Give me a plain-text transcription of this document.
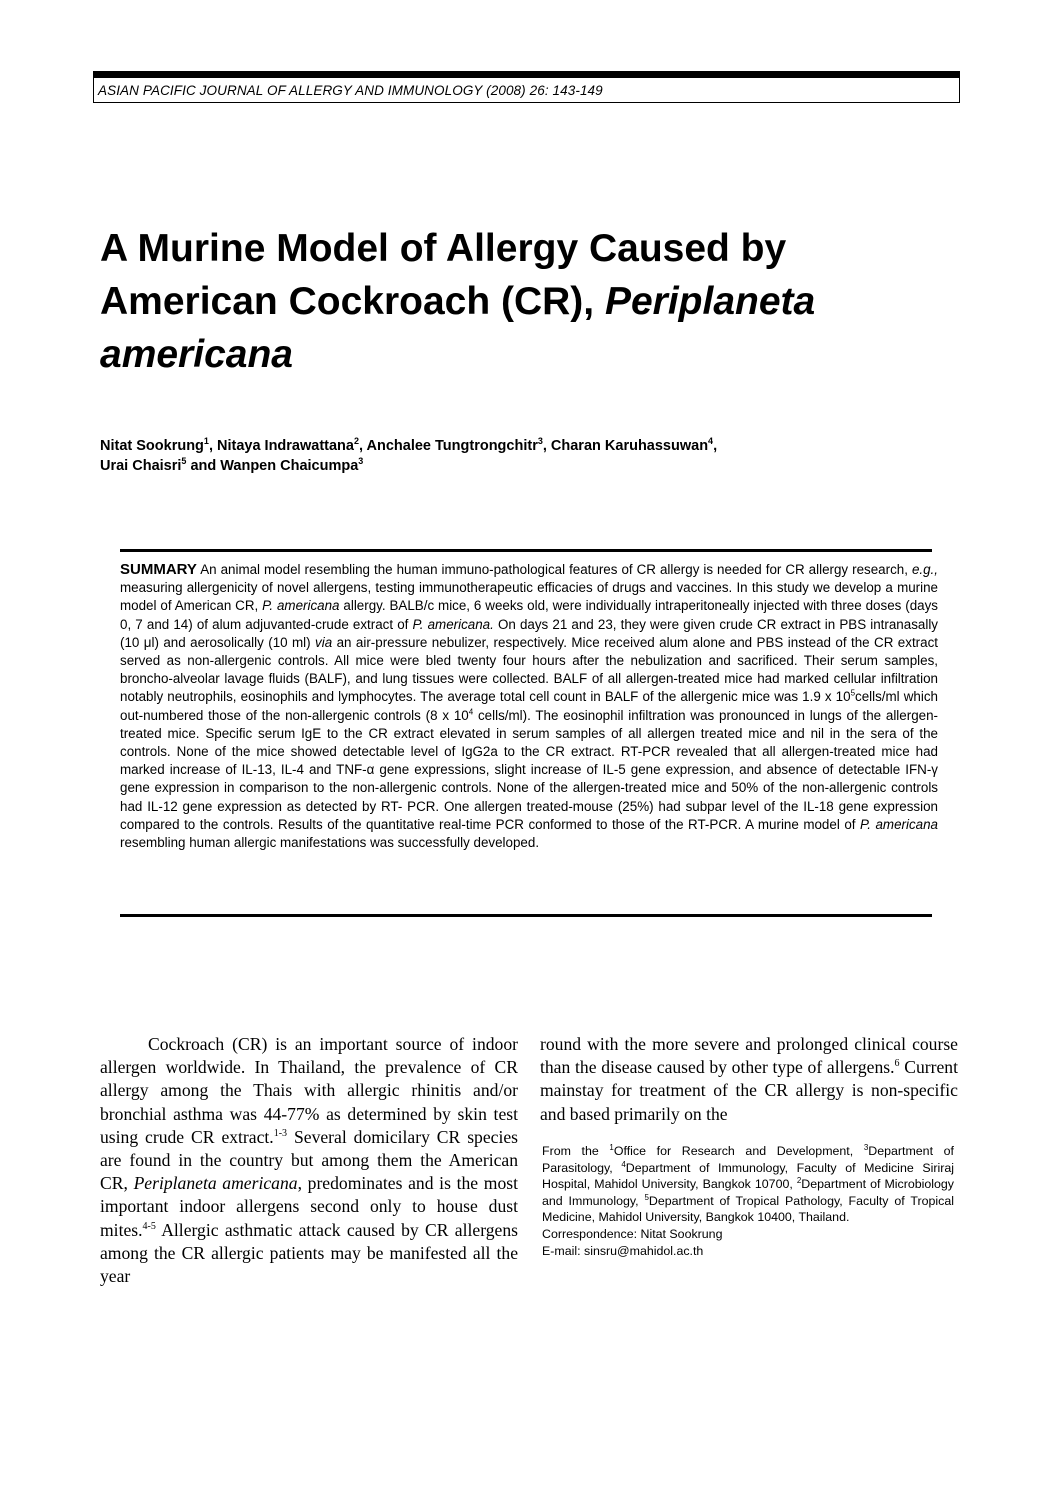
ASIAN PACIFIC JOURNAL OF ALLERGY AND IMMUNOLOGY (2008) 26: 143-149
A Murine Model of Allergy Caused by
American Cockroach (CR), Periplaneta
americana

Nitat Sookrung$^1$, Nitaya Indrawattana$^2$, Anchalee Tungtrongchitr$^3$, Charan Karuhassuwan$^4$,
Urai Chaisri$^5$ and Wanpen Chaicumpa$^3$

SUMMARY An animal model resembling the human immuno-pathological features of CR allergy is needed for CR allergy research, e.g., measuring allergenicity of novel allergens, testing immunotherapeutic efficacies of drugs and vaccines. In this study we develop a murine model of American CR, P. americana allergy. BALB/c mice, 6 weeks old, were individually intraperitoneally injected with three doses (days 0, 7 and 14) of alum adjuvanted-crude extract of P. americana. On days 21 and 23, they were given crude CR extract in PBS intranasally (10 μl) and aerosolically (10 ml) via an air-pressure nebulizer, respectively. Mice received alum alone and PBS instead of the CR extract served as non-allergenic controls. All mice were bled twenty four hours after the nebulization and sacrificed. Their serum samples, broncho-alveolar lavage fluids (BALF), and lung tissues were collected. BALF of all allergen-treated mice had marked cellular infiltration notably neutrophils, eosinophils and lymphocytes. The average total cell count in BALF of the allergenic mice was 1.9 x $10^5cells/ml$ which out-numbered those of the non-allergenic controls (8 x $10^4$ cells/ml). The eosinophil infiltration was pronounced in lungs of the allergen-treated mice. Specific serum IgE to the CR extract elevated in serum samples of all allergen treated mice and nil in the sera of the controls. None of the mice showed detectable level of IgG2a to the CR extract. RT-PCR revealed that all allergen-treated mice had marked increase of IL-13, IL-4 and TNF-α gene expressions, slight increase of IL-5 gene expression, and absence of detectable IFN-γ gene expression in comparison to the non-allergenic controls. None of the allergen-treated mice and 50% of the non-allergenic controls had IL-12 gene expression as detected by RT- PCR. One allergen treated-mouse (25%) had subpar level of the IL-18 gene expression compared to the controls. Results of the quantitative real-time PCR conformed to those of the RT-PCR. A murine model of P. americana resembling human allergic manifestations was successfully developed.

Cockroach (CR) is an important source of indoor allergen worldwide. In Thailand, the prevalence of CR allergy among the Thais with allergic rhinitis and/or bronchial asthma was 44-77% as determined by skin test using crude CR extract.$^{1-3}$ Several domicilary CR species are found in the country but among them the American CR, Periplaneta americana, predominates and is the most important indoor allergens second only to house dust mites.$^{4-5}$ Allergic asthmatic attack caused by CR allergens among the CR allergic patients may be manifested all the year

round with the more severe and prolonged clinical course than the disease caused by other type of allergens.$^6$ Current mainstay for treatment of the CR allergy is non-specific and based primarily on the

From the $^1$Office for Research and Development, $^3$Department of Parasitology, $^4$Department of Immunology, Faculty of Medicine Siriraj Hospital, Mahidol University, Bangkok 10700, $^2$Department of Microbiology and Immunology, $^5$Department of Tropical Pathology, Faculty of Tropical Medicine, Mahidol University, Bangkok 10400, Thailand.
Correspondence: Nitat Sookrung
E-mail: sinsru@mahidol.ac.th
